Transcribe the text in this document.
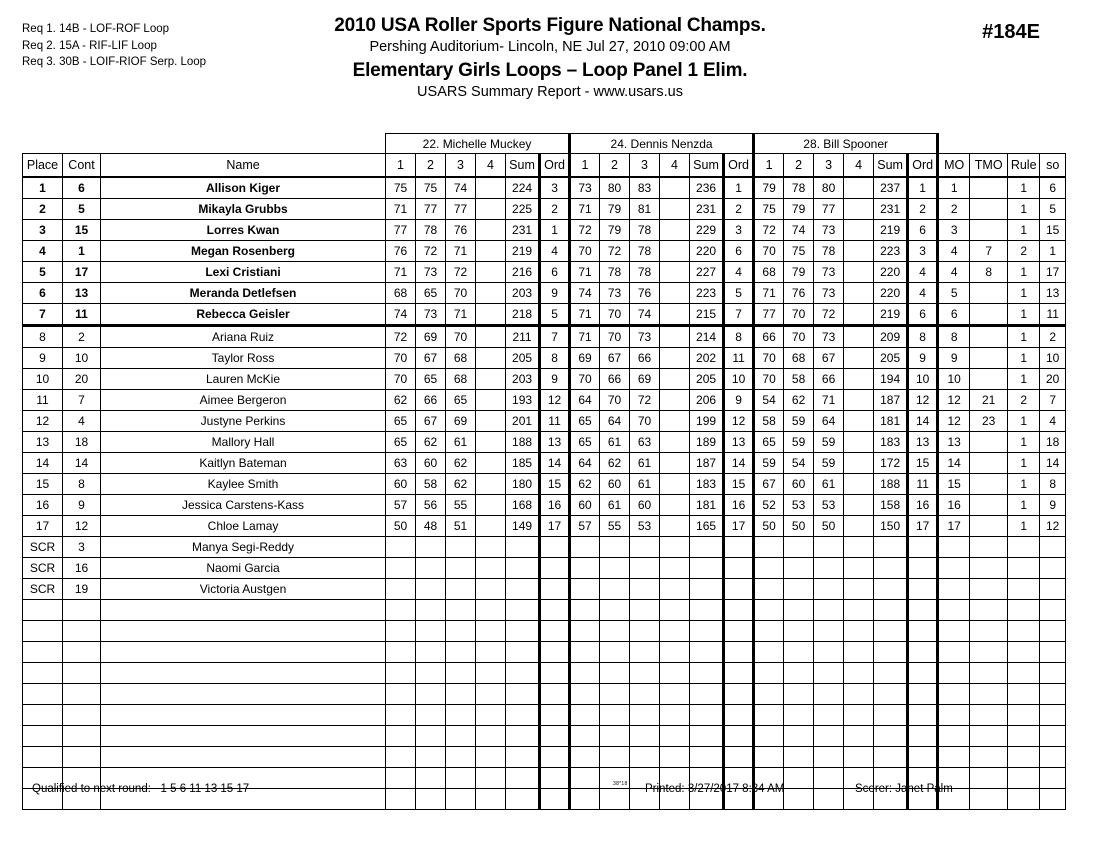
Req 1. 14B - LOF-ROF Loop
Req 2. 15A - RIF-LIF Loop
Req 3. 30B - LOIF-RIOF Serp. Loop
2010 USA Roller Sports Figure National Champs.
Pershing Auditorium- Lincoln, NE Jul 27, 2010 09:00 AM
Elementary Girls Loops – Loop Panel 1 Elim.
USARS Summary Report - www.usars.us
#184E
			22. Michelle Muckey						24. Dennis Nenzda						28. Bill Spooner									
Place	Cont	Name	1	2	3	4	Sum	Ord	1	2	3	4	Sum	Ord	1	2	3	4	Sum	Ord	MO	TMO	Rule	so
1	6	Allison Kiger	75	75	74		224	3	73	80	83		236	1	79	78	80		237	1	1		1	6
2	5	Mikayla Grubbs	71	77	77		225	2	71	79	81		231	2	75	79	77		231	2	2		1	5
3	15	Lorres Kwan	77	78	76		231	1	72	79	78		229	3	72	74	73		219	6	3		1	15
4	1	Megan Rosenberg	76	72	71		219	4	70	72	78		220	6	70	75	78		223	3	4	7	2	1
5	17	Lexi Cristiani	71	73	72		216	6	71	78	78		227	4	68	79	73		220	4	4	8	1	17
6	13	Meranda Detlefsen	68	65	70		203	9	74	73	76		223	5	71	76	73		220	4	5		1	13
7	11	Rebecca Geisler	74	73	71		218	5	71	70	74		215	7	77	70	72		219	6	6		1	11
8	2	Ariana Ruiz	72	69	70		211	7	71	70	73		214	8	66	70	73		209	8	8		1	2
9	10	Taylor Ross	70	67	68		205	8	69	67	66		202	11	70	68	67		205	9	9		1	10
10	20	Lauren McKie	70	65	68		203	9	70	66	69		205	10	70	58	66		194	10	10		1	20
11	7	Aimee Bergeron	62	66	65		193	12	64	70	72		206	9	54	62	71		187	12	12	21	2	7
12	4	Justyne Perkins	65	67	69		201	11	65	64	70		199	12	58	59	64		181	14	12	23	1	4
13	18	Mallory Hall	65	62	61		188	13	65	61	63		189	13	65	59	59		183	13	13		1	18
14	14	Kaitlyn Bateman	63	60	62		185	14	64	62	61		187	14	59	54	59		172	15	14		1	14
15	8	Kaylee Smith	60	58	62		180	15	62	60	61		183	15	67	60	61		188	11	15		1	8
16	9	Jessica Carstens-Kass	57	56	55		168	16	60	61	60		181	16	52	53	53		158	16	16		1	9
17	12	Chloe Lamay	50	48	51		149	17	57	55	53		165	17	50	50	50		150	17	17		1	12
SCR	3	Manya Segi-Reddy																						
SCR	16	Naomi Garcia																						
SCR	19	Victoria Austgen																						

Qualified to next round: 1 5 6 11 13 15 17	38*18 Printed: 3/27/2017 8:34 AM	Scorer: Janet Palm
